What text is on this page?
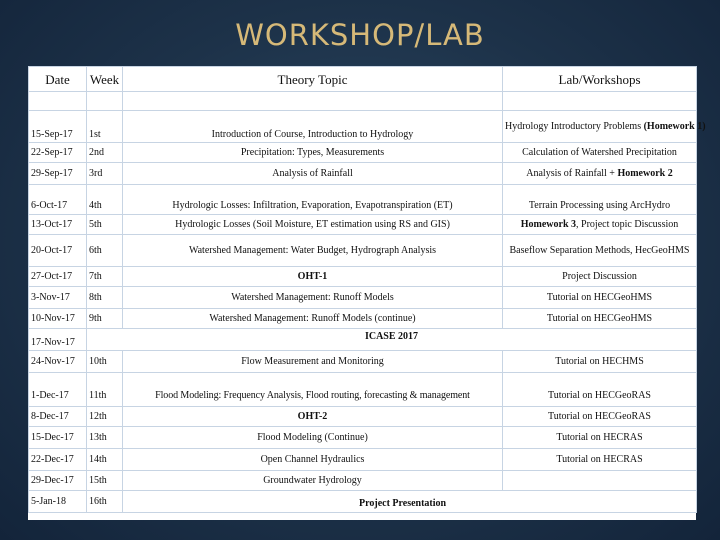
WORKSHOP/LAB
Date	Week	Theory Topic	Lab/Workshops

15-Sep-17	1st	Introduction of Course, Introduction to Hydrology	Hydrology Introductory Problems (Homework 1)
22-Sep-17	2nd	Precipitation: Types, Measurements	Calculation of Watershed Precipitation
29-Sep-17	3rd	Analysis of Rainfall	Analysis of Rainfall + Homework 2
6-Oct-17	4th	Hydrologic Losses: Infiltration, Evaporation, Evapotranspiration (ET)	Terrain Processing using ArcHydro
13-Oct-17	5th	Hydrologic Losses (Soil Moisture, ET estimation using RS and GIS)	Homework 3, Project topic Discussion
20-Oct-17	6th	Watershed Management: Water Budget, Hydrograph Analysis	Baseflow Separation Methods, HecGeoHMS
27-Oct-17	7th	OHT-1	Project Discussion
3-Nov-17	8th	Watershed Management: Runoff Models	Tutorial on HECGeoHMS
10-Nov-17	9th	Watershed Management: Runoff Models (continue)	Tutorial on HECGeoHMS
17-Nov-17	ICASE 2017		
24-Nov-17	10th	Flow Measurement and Monitoring	Tutorial on HECHMS
1-Dec-17	11th	Flood Modeling: Frequency Analysis, Flood routing, forecasting & management	Tutorial on HECGeoRAS
8-Dec-17	12th	OHT-2	Tutorial on HECGeoRAS
15-Dec-17	13th	Flood Modeling (Continue)	Tutorial on HECRAS
22-Dec-17	14th	Open Channel Hydraulics	Tutorial on HECRAS
29-Dec-17	15th	Groundwater Hydrology	
5-Jan-18	16th	Project Presentation	
